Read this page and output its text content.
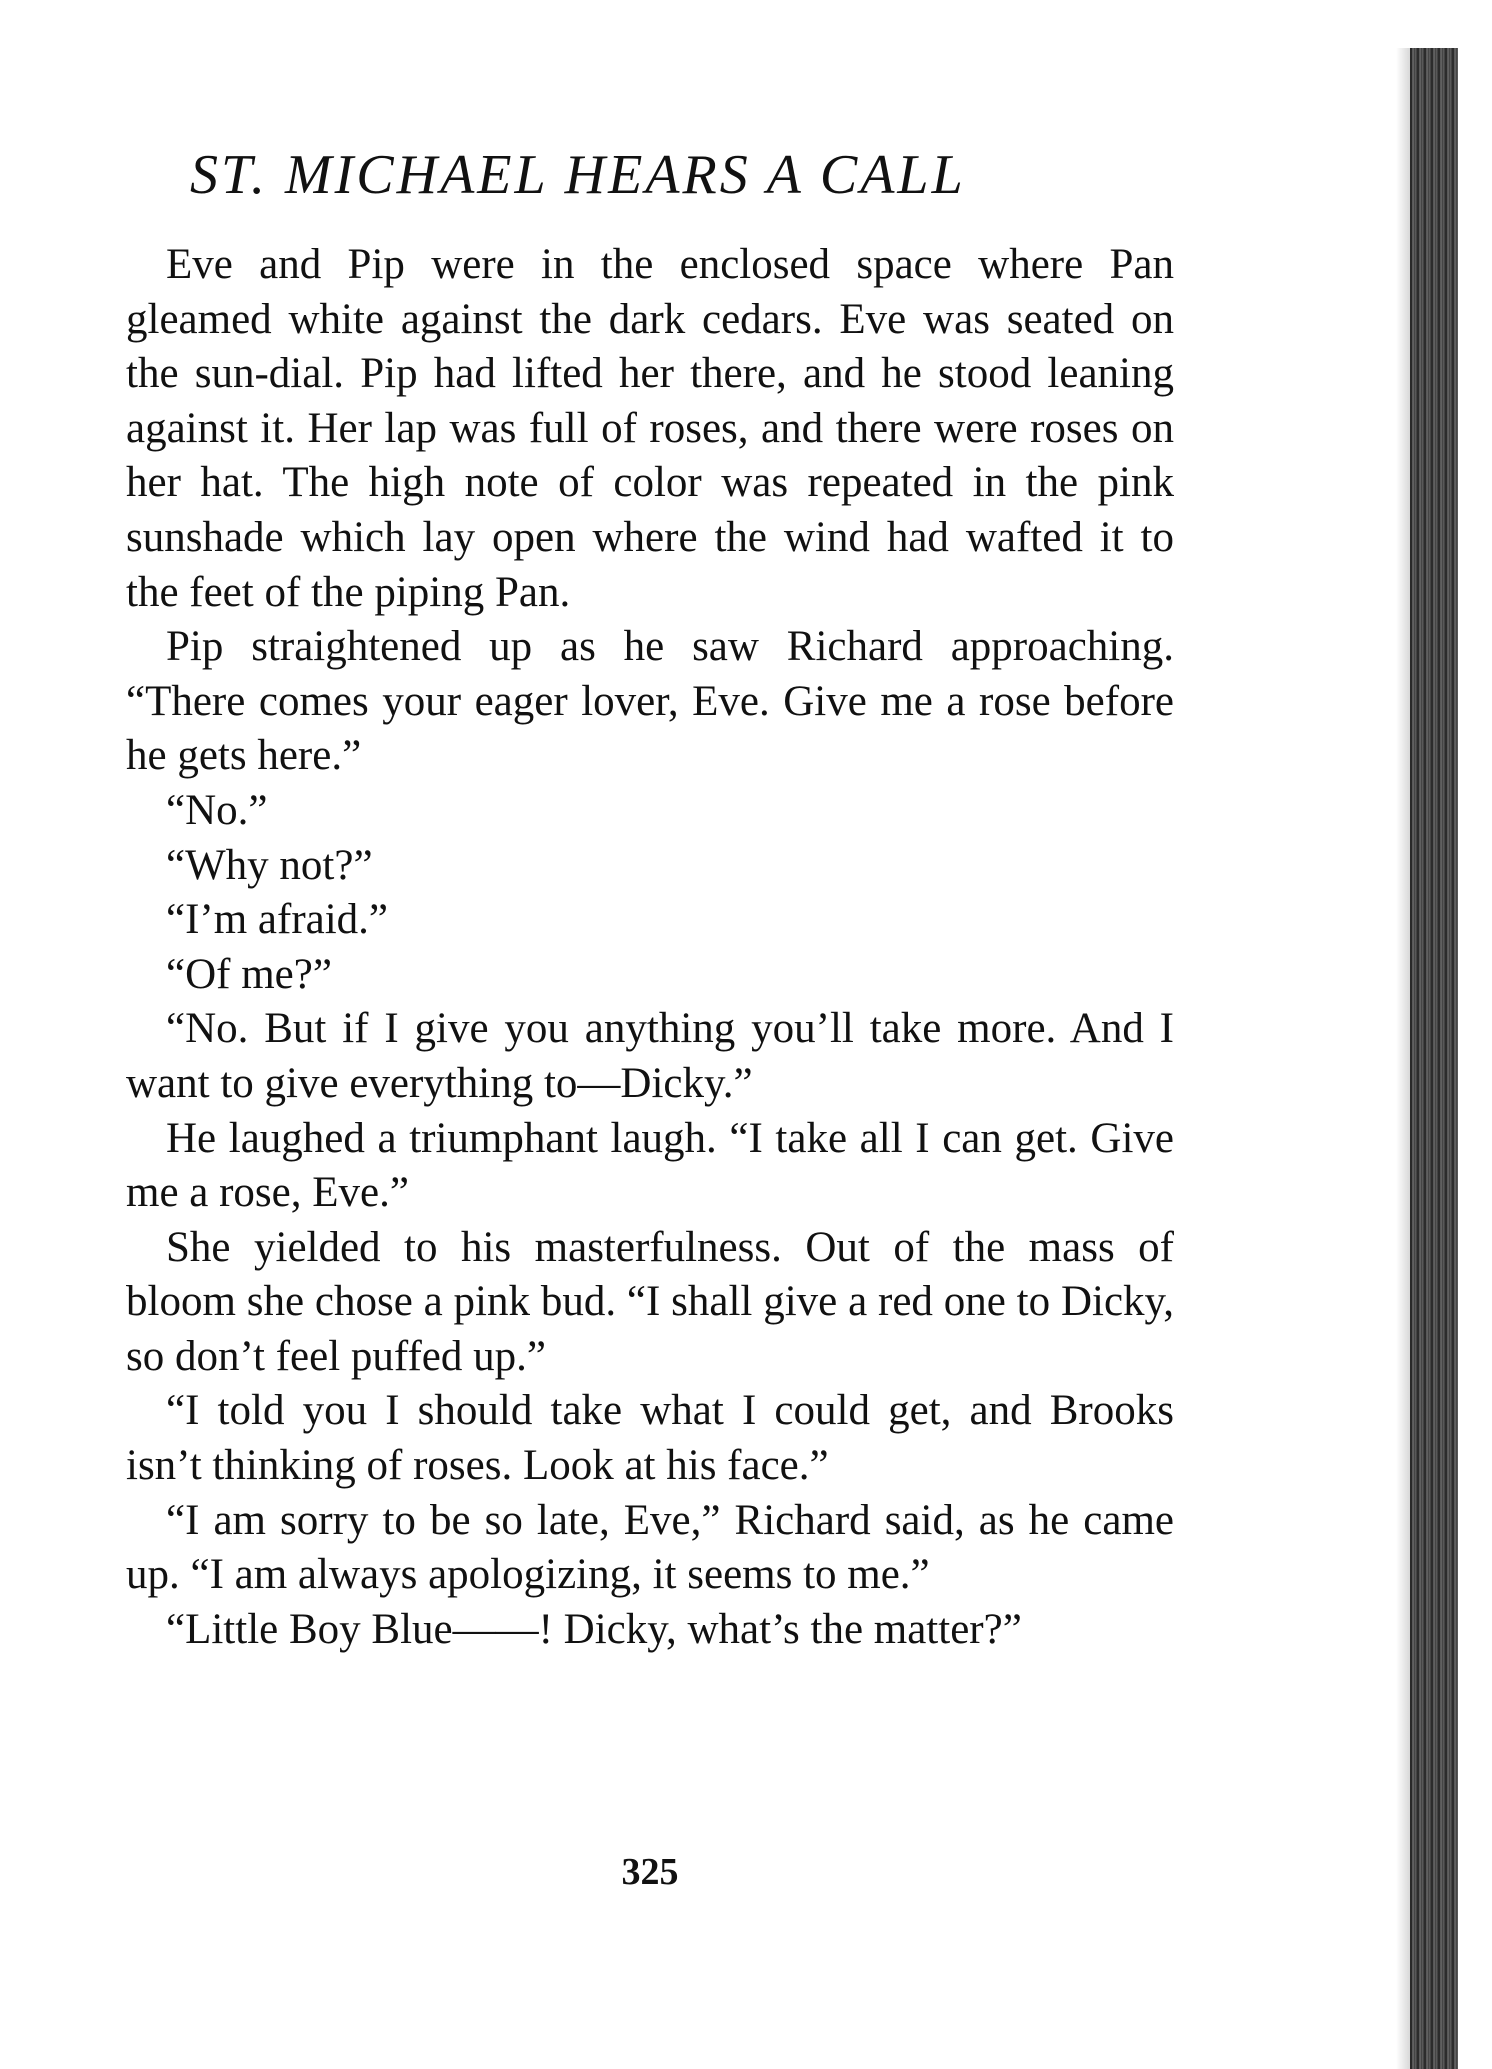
ST. MICHAEL HEARS A CALL

Eve and Pip were in the enclosed space where Pan gleamed white against the dark cedars. Eve was seated on the sun-dial. Pip had lifted her there, and he stood leaning against it. Her lap was full of roses, and there were roses on her hat. The high note of color was repeated in the pink sunshade which lay open where the wind had wafted it to the feet of the piping Pan.

Pip straightened up as he saw Richard approaching. “There comes your eager lover, Eve. Give me a rose before he gets here.”

“No.”

“Why not?”

“I’m afraid.”

“Of me?”

“No. But if I give you anything you’ll take more. And I want to give everything to—Dicky.”

He laughed a triumphant laugh. “I take all I can get. Give me a rose, Eve.”

She yielded to his masterfulness. Out of the mass of bloom she chose a pink bud. “I shall give a red one to Dicky, so don’t feel puffed up.”

“I told you I should take what I could get, and Brooks isn’t thinking of roses. Look at his face.”

“I am sorry to be so late, Eve,” Richard said, as he came up. “I am always apologizing, it seems to me.”

“Little Boy Blue——! Dicky, what’s the matter?”

325
